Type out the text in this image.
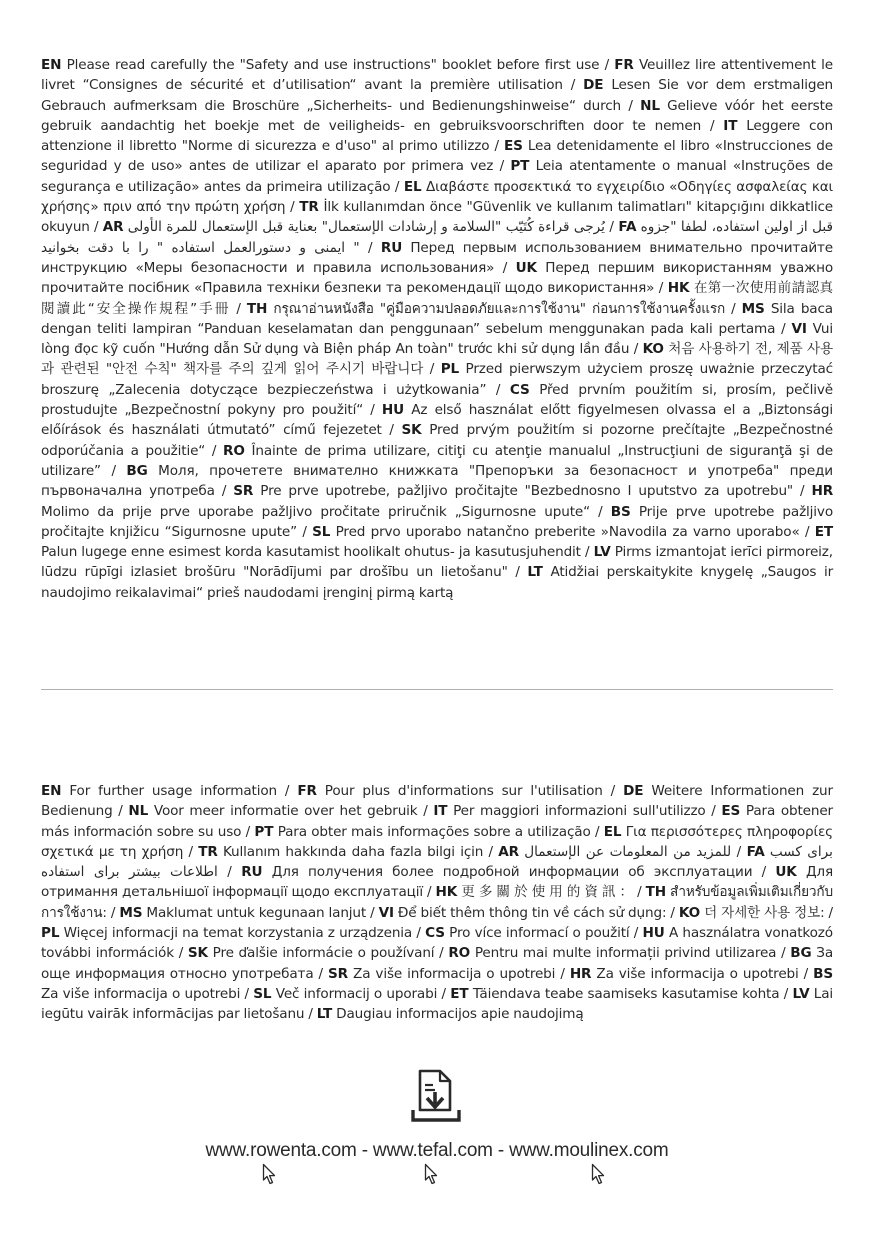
EN Please read carefully the "Safety and use instructions" booklet before first use / FR Veuillez lire attentivement le livret “Consignes de sécurité et d’utilisation“ avant la première utilisation / DE Lesen Sie vor dem erstmaligen Gebrauch aufmerksam die Broschüre „Sicherheits- und Bedienungshinweise“ durch / NL Gelieve vóór het eerste gebruik aandachtig het boekje met de veiligheids- en gebruiksvoorschriften door te nemen / IT Leggere con attenzione il libretto "Norme di sicurezza e d'uso" al primo utilizzo / ES Lea detenidamente el libro «Instrucciones de seguridad y de uso» antes de utilizar el aparato por primera vez / PT Leia atentamente o manual «Instruções de segurança e utilização» antes da primeira utilização / EL Διαβάστε προσεκτικά το εγχειρίδιο «Οδηγίες ασφαλείας και χρήσης» πριν από την πρώτη χρήση / TR İlk kullanımdan önce "Güvenlik ve kullanım talimatları" kitapçığını dikkatlice okuyun / AR يُرجى قراءة كُتَيّب "السلامة و إرشادات الإستعمال" بعناية قبل الإستعمال للمرة الأولى / FA قبل از اولین استفاده، لطفا "جزوه " ایمنی و دستورالعمل استفاده " را با دقت بخوانید / RU Перед первым использованием внимательно прочитайте инструкцию «Меры безопасности и правила использования» / UK Перед першим використанням уважно прочитайте посібник «Правила техніки безпеки та рекомендації щодо використання» / HK 在第一次使用前請認真閱讀此“安全操作規程”手冊 / TH กรุณาอ่านหนังสือ "คู่มือความปลอดภัยและการใช้งาน" ก่อนการใช้งานครั้งแรก / MS Sila baca dengan teliti lampiran “Panduan keselamatan dan penggunaan” sebelum menggunakan pada kali pertama / VI Vui lòng đọc kỹ cuốn "Hướng dẫn Sử dụng và Biện pháp An toàn" trước khi sử dụng lần đầu / KO 처음 사용하기 전, 제품 사용과 관련된 "안전 수칙" 책자를 주의 깊게 읽어 주시기 바랍니다 / PL Przed pierwszym użyciem proszę uważnie przeczytać broszurę „Zalecenia dotyczące bezpieczeństwa i użytkowania” / CS Před prvním použitím si, prosím, pečlivě prostudujte „Bezpečnostní pokyny pro použití“ / HU Az első használat előtt figyelmesen olvassa el a „Biztonsági előírások és használati útmutató” című fejezetet / SK Pred prvým použitím si pozorne prečítajte „Bezpečnostné odporúčania a použitie“ / RO Înainte de prima utilizare, citiţi cu atenţie manualul „Instrucţiuni de siguranţă şi de utilizare” / BG Моля, прочетете внимателно книжката "Препоръки за безопасност и употреба" преди първоначална употреба / SR Pre prve upotrebe, pažljivo pročitajte "Bezbednosno I uputstvo za upotrebu" / HR Molimo da prije prve uporabe pažljivo pročitate priručnik „Sigurnosne upute“ / BS Prije prve upotrebe pažljivo pročitajte knjižicu “Sigurnosne upute” / SL Pred prvo uporabo natančno preberite »Navodila za varno uporabo« / ET Palun lugege enne esimest korda kasutamist hoolikalt ohutus- ja kasutusjuhendit / LV Pirms izmantojat ierīci pirmoreiz, lūdzu rūpīgi izlasiet brošūru "Norādījumi par drošību un lietošanu" / LT Atidžiai perskaitykite knygelę „Saugos ir naudojimo reikalavimai“ prieš naudodami įrenginį pirmą kartą
EN For further usage information / FR Pour plus d'informations sur l'utilisation / DE Weitere Informationen zur Bedienung / NL Voor meer informatie over het gebruik / IT Per maggiori informazioni sull'utilizzo / ES Para obtener más información sobre su uso / PT Para obter mais informações sobre a utilização / EL Για περισσότερες πληροφορίες σχετικά με τη χρήση / TR Kullanım hakkında daha fazla bilgi için / AR للمزيد من المعلومات عن الإستعمال / FA برای کسب اطلاعات بیشتر برای استفاده / RU Для получения более подробной информации об эксплуатации / UK Для отримання детальнішої інформації щодо експлуатації / HK 更 多 關 於 使 用 的 資 訊 ： / TH สำหรับข้อมูลเพิ่มเติมเกี่ยวกับการใช้งาน: / MS Maklumat untuk kegunaan lanjut / VI Để biết thêm thông tin về cách sử dụng: / KO 더 자세한 사용 정보: / PL Więcej informacji na temat korzystania z urządzenia / CS Pro více informací o použití / HU A használatra vonatkozó további információk / SK Pre ďalšie informácie o používaní / RO Pentru mai multe informații privind utilizarea / BG За още информация относно употребата / SR Za više informacija o upotrebi / HR Za više informacija o upotrebi / BS Za više informacija o upotrebi / SL Več informacij o uporabi / ET Täiendava teabe saamiseks kasutamise kohta / LV Lai iegūtu vairāk informācijas par lietošanu / LT Daugiau informacijos apie naudojimą
www.rowenta.com - www.tefal.com - www.moulinex.com
